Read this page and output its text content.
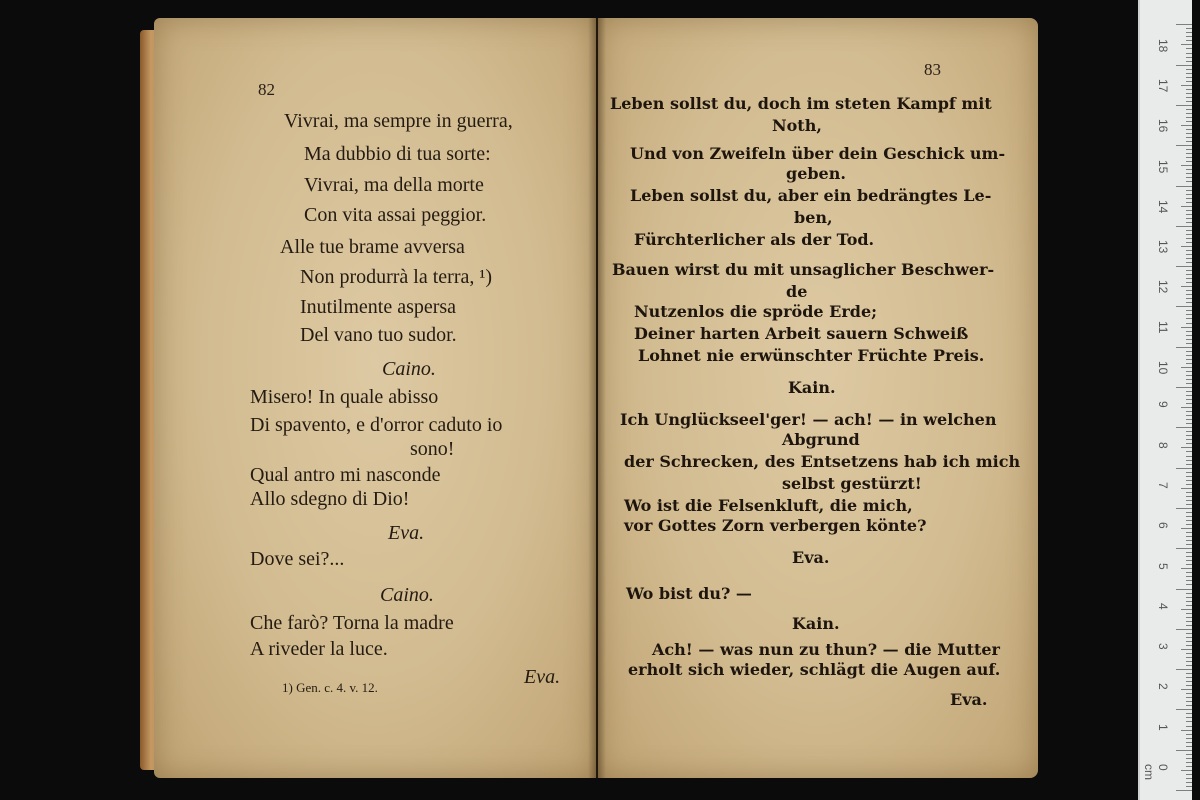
82
Vivrai, ma sempre in guerra,
Ma dubbio di tua sorte:
Vivrai, ma della morte
Con vita assai peggior.
Alle tue brame avversa
Non produrrà la terra, ¹)
Inutilmente aspersa
Del vano tuo sudor.
Caino.
Misero! In quale abisso
Di spavento, e d'orror caduto io
sono!
Qual antro mi nasconde
Allo sdegno di Dio!
Eva.
Dove sei?...
Caino.
Che farò? Torna la madre
A riveder la luce.
Eva.
1) Gen. c. 4. v. 12.
83
Leben sollst du, doch im steten Kampf mit
Noth,
Und von Zweifeln über dein Geschick um-
geben.
Leben sollst du, aber ein bedrängtes Le-
ben,
Fürchterlicher als der Tod.
Bauen wirst du mit unsaglicher Beschwer-
de
Nutzenlos die spröde Erde;
Deiner harten Arbeit sauern Schweiß
Lohnet nie erwünschter Früchte Preis.
Kain.
Ich Unglückseel'ger! — ach! — in welchen
Abgrund
der Schrecken, des Entsetzens hab ich mich
selbst gestürzt!
Wo ist die Felsenkluft, die mich,
vor Gottes Zorn verbergen könte?
Eva.
Wo bist du? —
Kain.
Ach! — was nun zu thun? — die Mutter
erholt sich wieder, schlägt die Augen auf.
Eva.
0 cm
1
2
3
4
5
6
7
8
9
10
11
12
13
14
15
16
17
18
